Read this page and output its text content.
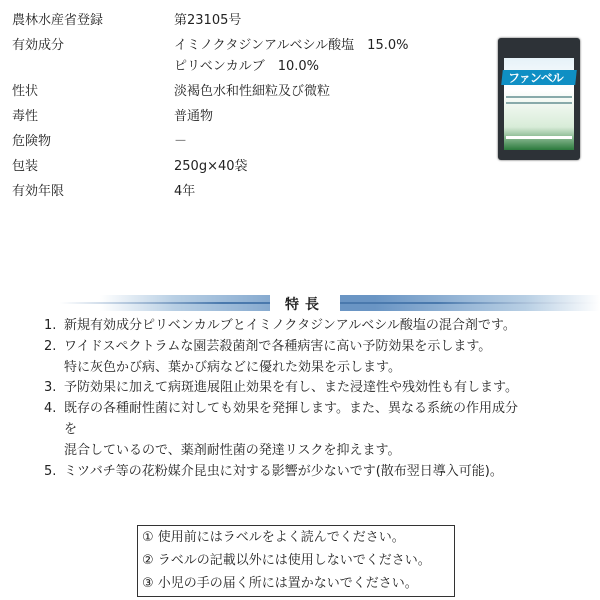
農林水産省登録	第23105号
有効成分	イミノクタジンアルベシル酸塩　15.0%
ピリベンカルブ　10.0%
性状	淡褐色水和性細粒及び微粒
毒性	普通物
危険物	－
包装	250g×40袋
有効年限	4年
ファンベル
特長
1. 新規有効成分ピリベンカルブとイミノクタジンアルベシル酸塩の混合剤です。
2. ワイドスペクトラムな園芸殺菌剤で各種病害に高い予防効果を示します。
特に灰色かび病、葉かび病などに優れた効果を示します。
3. 予防効果に加えて病斑進展阻止効果を有し、また浸達性や残効性も有します。
4. 既存の各種耐性菌に対しても効果を発揮します。また、異なる系統の作用成分
を
混合しているので、薬剤耐性菌の発達リスクを抑えます。
5. ミツバチ等の花粉媒介昆虫に対する影響が少ないです(散布翌日導入可能)。
① 使用前にはラベルをよく読んでください。
② ラベルの記載以外には使用しないでください。
③ 小児の手の届く所には置かないでください。
